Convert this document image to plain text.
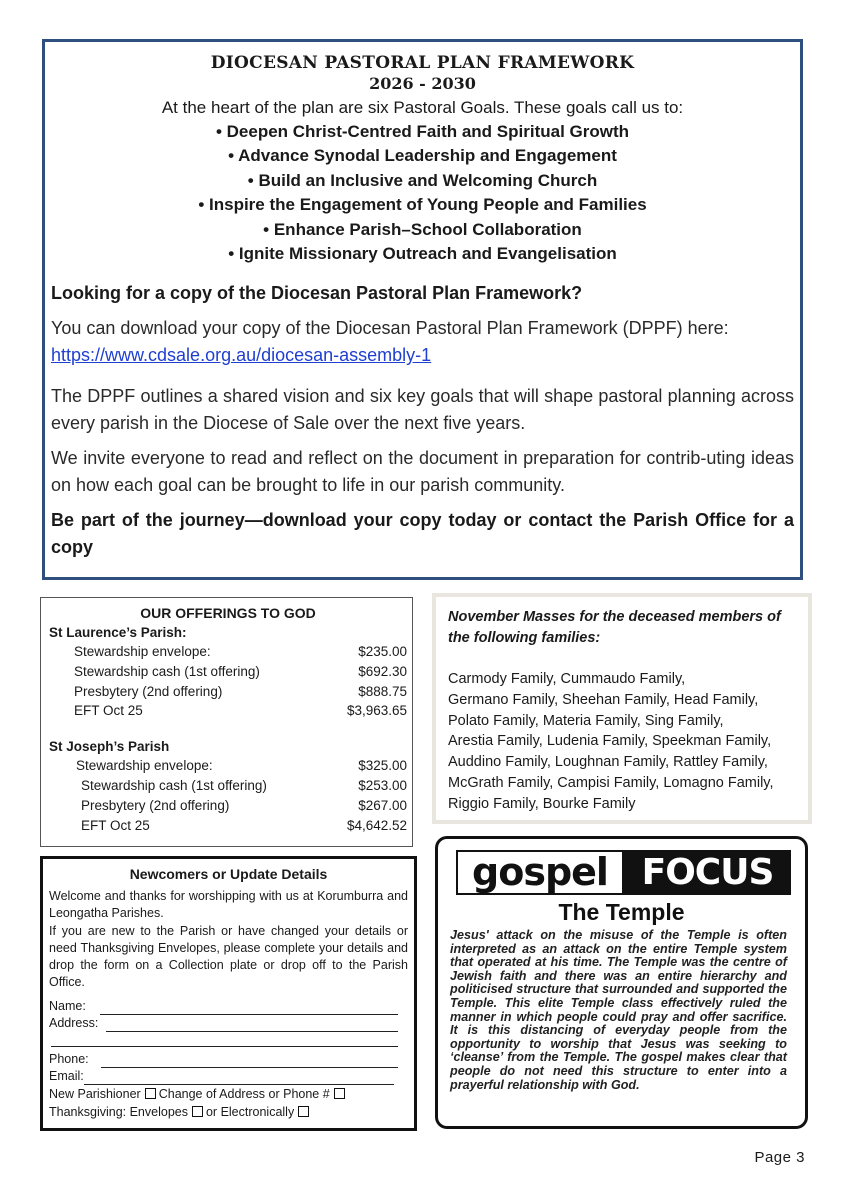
DIOCESAN PASTORAL PLAN FRAMEWORK
2026 - 2030

At the heart of the plan are six Pastoral Goals. These goals call us to:

• Deepen Christ-Centred Faith and Spiritual Growth
• Advance Synodal Leadership and Engagement
• Build an Inclusive and Welcoming Church
• Inspire the Engagement of Young People and Families
• Enhance Parish–School Collaboration
• Ignite Missionary Outreach and Evangelisation

Looking for a copy of the Diocesan Pastoral Plan Framework?

You can download your copy of the Diocesan Pastoral Plan Framework (DPPF) here:
https://www.cdsale.org.au/diocesan-assembly-1

The DPPF outlines a shared vision and six key goals that will shape pastoral planning across every parish in the Diocese of Sale over the next five years.

We invite everyone to read and reflect on the document in preparation for contrib-uting ideas on how each goal can be brought to life in our parish community.

Be part of the journey—download your copy today or contact the Parish Office for a copy

OUR OFFERINGS TO GOD

St Laurence’s Parish:

Stewardship envelope:	$235.00
Stewardship cash (1st offering)	$692.30
Presbytery (2nd offering)	$888.75
EFT Oct 25	$3,963.65

St Joseph’s Parish

Stewardship envelope:	$325.00
Stewardship cash (1st offering)	$253.00
Presbytery (2nd offering)	$267.00
EFT Oct 25	$4,642.52

November Masses for the deceased members of the following families:

Carmody Family, Cummaudo Family,
Germano Family, Sheehan Family, Head Family,
Polato Family, Materia Family, Sing Family,
Arestia Family, Ludenia Family, Speekman Family,
Auddino Family, Loughnan Family, Rattley Family,
McGrath Family, Campisi Family, Lomagno Family,
Riggio Family, Bourke Family

Newcomers or Update Details

Welcome and thanks for worshipping with us at Korumburra and Leongatha Parishes.

If you are new to the Parish or have changed your details or need Thanksgiving Envelopes, please complete your details and drop the form on a Collection plate or drop off to the Parish Office.

Name:
Address:
Phone:
Email:

New Parishioner Change of Address or Phone #

Thanksgiving: Envelopes or Electronically

gospel FOCUS
The Temple
Jesus' attack on the misuse of the Temple is often interpreted as an attack on the entire Temple system that operated at his time. The Temple was the centre of Jewish faith and there was an entire hierarchy and politicised structure that surrounded and supported the Temple. This elite Temple class effectively ruled the manner in which people could pray and offer sacrifice. It is this distancing of everyday people from the opportunity to worship that Jesus was seeking to ‘cleanse’ from the Temple. The gospel makes clear that people do not need this structure to enter into a prayerful relationship with God.
Page 3
